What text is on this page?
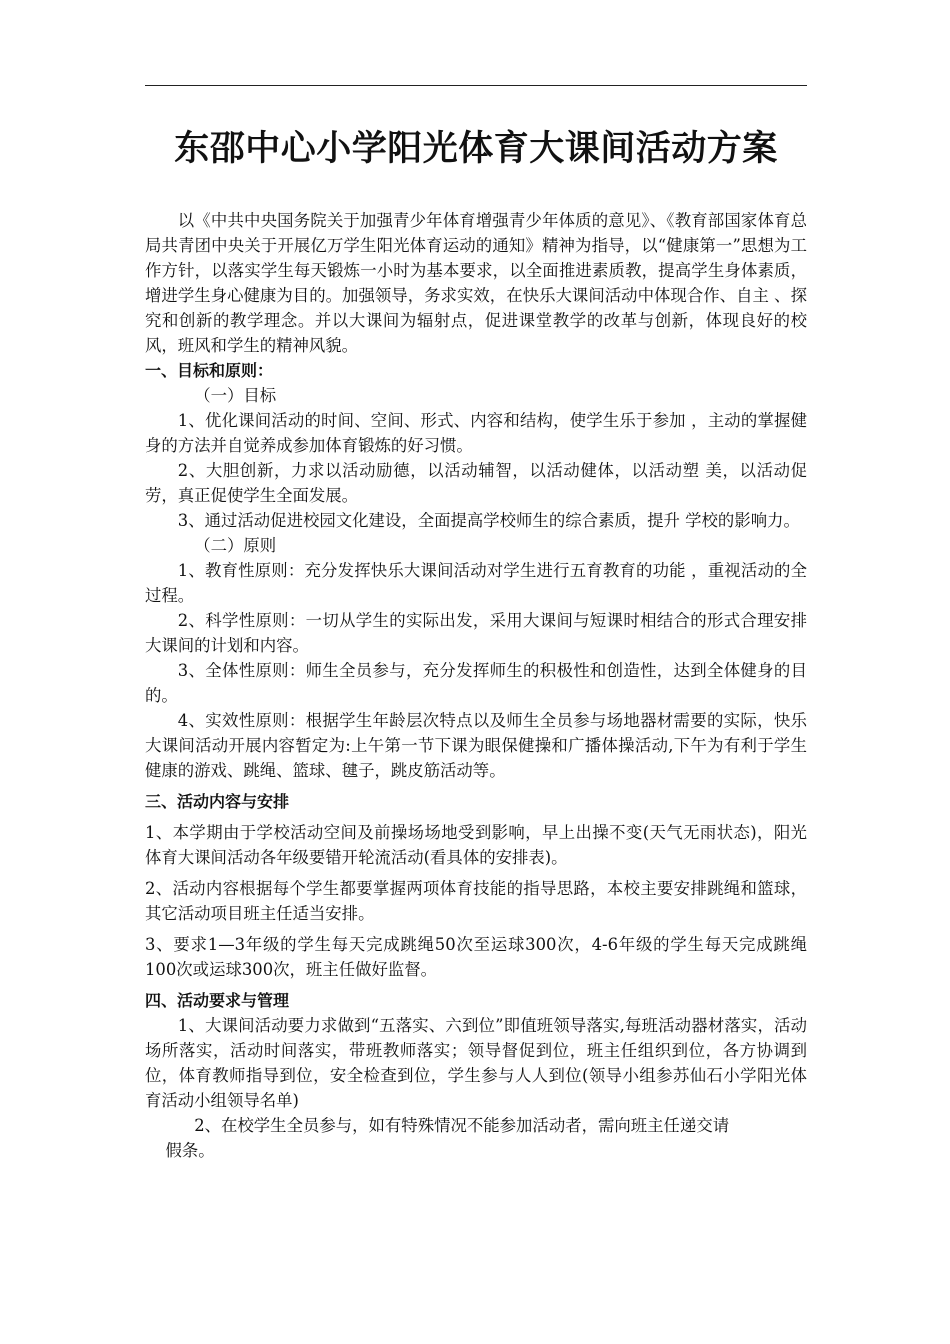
东邵中心小学阳光体育大课间活动方案

以《中共中央国务院关于加强青少年体育增强青少年体质的意见》、《教育部国家体育总局共青团中央关于开展亿万学生阳光体育运动的通知》精神为指导，以“健康第一”思想为工作方针，以落实学生每天锻炼一小时为基本要求，以全面推进素质教，提高学生身体素质，增进学生身心健康为目的。加强领导，务求实效，在快乐大课间活动中体现合作、自主 、探究和创新的教学理念。并以大课间为辐射点，促进课堂教学的改革与创新，体现良好的校风，班风和学生的精神风貌。

一、目标和原则：

（一）目标

1、优化课间活动的时间、空间、形式、内容和结构，使学生乐于参加 ，主动的掌握健身的方法并自觉养成参加体育锻炼的好习惯。

2、大胆创新，力求以活动励德，以活动辅智，以活动健体，以活动塑 美，以活动促劳，真正促使学生全面发展。

3、通过活动促进校园文化建设，全面提高学校师生的综合素质，提升 学校的影响力。

（二）原则

1、教育性原则：充分发挥快乐大课间活动对学生进行五育教育的功能 ，重视活动的全过程。

2、科学性原则：一切从学生的实际出发，采用大课间与短课时相结合的形式合理安排大课间的计划和内容。

3、全体性原则：师生全员参与，充分发挥师生的积极性和创造性，达到全体健身的目的。

4、实效性原则：根据学生年龄层次特点以及师生全员参与场地器材需要的实际，快乐大课间活动开展内容暂定为:上午第一节下课为眼保健操和广播体操活动,下午为有利于学生健康的游戏、跳绳、篮球、毽子，跳皮筋活动等。

三、活动内容与安排

1、本学期由于学校活动空间及前操场场地受到影响，早上出操不变(天气无雨状态)，阳光体育大课间活动各年级要错开轮流活动(看具体的安排表)。

2、活动内容根据每个学生都要掌握两项体育技能的指导思路，本校主要安排跳绳和篮球，其它活动项目班主任适当安排。

3、要求1—3年级的学生每天完成跳绳50次至运球300次，4-6年级的学生每天完成跳绳100次或运球300次，班主任做好监督。

四、活动要求与管理

1、大课间活动要力求做到“五落实、六到位”即值班领导落实,每班活动器材落实，活动场所落实，活动时间落实，带班教师落实；领导督促到位，班主任组织到位，各方协调到位，体育教师指导到位，安全检查到位，学生参与人人到位(领导小组参苏仙石小学阳光体育活动小组领导名单)

2、在校学生全员参与，如有特殊情况不能参加活动者，需向班主任递交请

假条。
